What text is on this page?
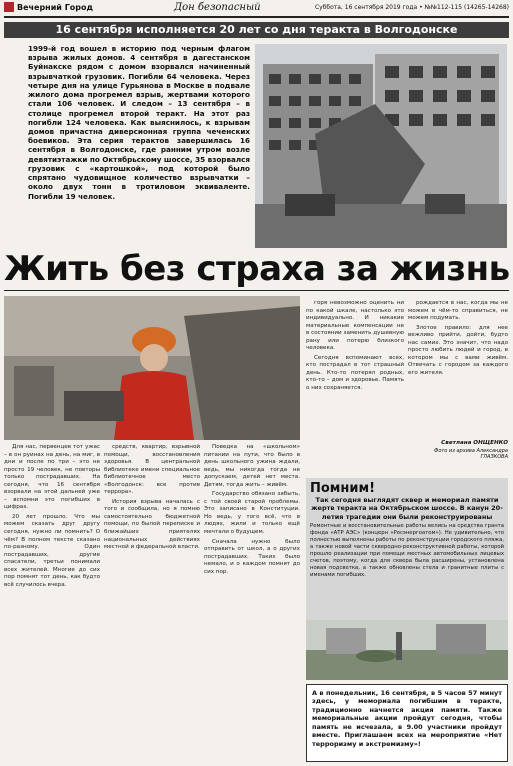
Вечерний Город	Дон безопасный	Суббота, 16 сентября 2019 года • №№112-115 (14265-14268)
16 сентября исполняется 20 лет со дня теракта в Волгодонске

1999-й год вошел в историю под черным флагом взрыва жилых домов. 4 сентября в дагестанском Буйнакске рядом с домом взорвался начиненный взрывчаткой грузовик. Погибли 64 человека. Через четыре дня на улице Гурьянова в Москве в подвале жилого дома прогремел взрыв, жертвами которого стали 106 человек. И следом – 13 сентября – в столице прогремел второй теракт. На этот раз погибли 124 человека. Как выяснилось, к взрывам домов причастна диверсионная группа чеченских боевиков. Эта серия терактов завершилась 16 сентября в Волгодонске, где ранним утром возле девятиэтажки по Октябрьскому шоссе, 35 взорвался грузовик с «картошкой», под которой было спрятано чудовищное количество взрывчатки – около двух тонн в тротиловом эквиваленте. Погибли 19 человек.

Жить без страха за жизнь

Для нас, первенцев тот ужас – в он руинах на день, на миг, в дни и после по три – это не просто 19 человек, не повторы только пострадавших. На сегодня, что 16 сентября взорвали на этой дальней уже – вспомни это погибших в цифрах.

20 лет прошло. Что мы можем сказать друг другу сегодня, нужно ли помнить? О чём? В полном тексте сказано по-разному. Один пострадавших, другие спасатели, третьи понимали всех жителей. Многие до сих пор помнят тот день, как будто всё случилось вчера.

средств, квартир, взрывной помощи, восстановления здоровья. В центральной библиотеке имени специальное библиотечное место «Волгодонск: все против террора».

История взрыва началась с того и сообщила, но я помню самостоятельно бюджетной помощи, по былой переписке и ближайших приятелях национальных действиях местной и федеральной власти.

Поведка на «школьном» питании на пути, что было в день школьного ужина ждали, ведь, мы никогда тогда не допускаем, детей нет места. Детям, тогда жить – живём.

Государство обязано забыть, с той своей старой проблемы. Это записано в Конституции. Но ведь, у того всё, что в людях, жили и только ещё мечтали о будущем.

Сначала нужно было отправить от школ, а о других пострадавших. Таких было немало, и о каждом помнят до сих пор.

горя невозможно оценить ни по какой шкале, настолько это индивидуально. И никакие материальные компенсации не в состоянии заменить душевную рану или потерю близкого человека.

Сегодня вспоминают всех, кто пострадал в тот страшный день. Кто-то потерял родных, кто-то – дом и здоровье. Память о них сохраняется.

рождается в нас, когда мы не можем в чём-то справиться, не можем подумать.

Злотое правило: для нее вежливо прийти, дойти, будто нас самих. Это значит, что надо просто любить людей и город, в котором мы с вами живём. Отвечать с городом за каждого его жителя.

Светлана ОНЩЕНКО
Фото из архива Александра ГЛАЗКОВА
Помним!
Так сегодня выглядят сквер и мемориал памяти жертв теракта на Октябрьском шоссе. В канун 20-летия трагедии они были реконструированы
Ремонтные и восстановительные работы велись на средства гранта фонда «АТР АЭС» (концерн «Росэнергоатом»). Не удивительно, что полностью выполнены работы по реконструкции городского пляжа, а также новой части скверодно-реконструктивной работы, которой прошло реализации при помощи местных автомобильных лицевых счетов, поэтому, когда для сквера была расширены, установлена новая подсветка, а также обновлены стела и гранитные плиты с именами погибших.
А в понедельник, 16 сентября, в 5 часов 57 минут здесь, у мемориала погибшим в теракте, традиционно начнется акция памяти. Также мемориальные акции пройдут сегодня, чтобы память не исчезала, в 9.00 участники пройдут вместе. Приглашаем всех на мероприятие «Нет терроризму и экстремизму»!
